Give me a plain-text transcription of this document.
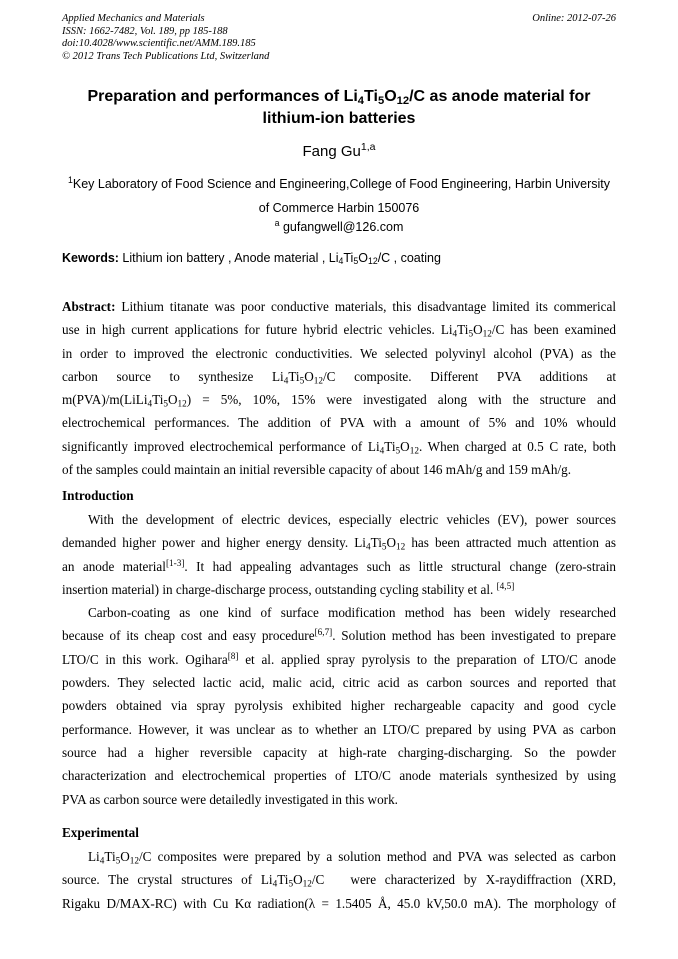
Applied Mechanics and Materials
ISSN: 1662-7482, Vol. 189, pp 185-188
doi:10.4028/www.scientific.net/AMM.189.185
© 2012 Trans Tech Publications Ltd, Switzerland
Online: 2012-07-26
Preparation and performances of $Li_4Ti_5O_{12}/C$ as anode material for
lithium-ion batteries
Fang Gu$^{1,a}$
$^1$Key Laboratory of Food Science and Engineering,College of Food Engineering, Harbin University
of Commerce Harbin 150076
$^a$ gufangwell@126.com
Kewords: Lithium ion battery , Anode material , $Li_4Ti_5O_{12}/C$ , coating
Abstract: Lithium titanate was poor conductive materials, this disadvantage limited its commerical
use in high current applications for future hybrid electric vehicles. $Li_4Ti_5O_{12}/C$ has been examined
in order to improved the electronic conductivities. We selected polyvinyl alcohol (PVA) as the
carbon    source    to    synthesize    $Li_4Ti_5O_{12}/C$    composite.    Different    PVA    additions    at
$m(PVA)/m(LiLi_4Ti_5O_{12}) = 5\%$,  10%,  15%  were  investigated  along  with  the  structure  and
electrochemical performances. The addition of PVA with a amount of 5% and 10% whould
significantly improved electrochemical performance of $Li_4Ti_5O_{12}$. When charged at 0.5 C rate, both
of the samples could maintain an initial reversible capacity of about 146 mAh/g and 159 mAh/g.
Introduction
With the development of electric devices, especially electric vehicles (EV), power sources
demanded higher power and higher energy density. $Li_4Ti_5O_{12}$ has been attracted much attention as
an anode material[1-3]. It had appealing advantages such as little structural change (zero-strain
insertion material) in charge-discharge process, outstanding cycling stability et al. [4,5]
Carbon-coating as one kind of surface modification method has been widely researched
because of its cheap cost and easy procedure[6,7]. Solution method has been investigated to prepare
LTO/C in this work. Ogihara[8] et al. applied spray pyrolysis to the preparation of LTO/C anode
powders. They selected lactic acid, malic acid, citric acid as carbon sources and reported that
powders obtained via spray pyrolysis exhibited higher rechargeable capacity and good cycle
performance. However, it was unclear as to whether an LTO/C prepared by using PVA as carbon
source had a higher reversible capacity at high-rate charging-discharging. So the powder
characterization and electrochemical properties of LTO/C anode materials synthesized by using
PVA as carbon source were detailedly investigated in this work.
Experimental
$Li_4Ti_5O_{12}/C$ composites were prepared by a solution method and PVA was selected as carbon
source. The crystal structures of $Li_4Ti_5O_{12}/C$   were characterized by X-raydiffraction (XRD,
Rigaku D/MAX-RC) with Cu Kα radiation(λ = 1.5405 Å, 45.0 kV,50.0 mA). The morphology of
